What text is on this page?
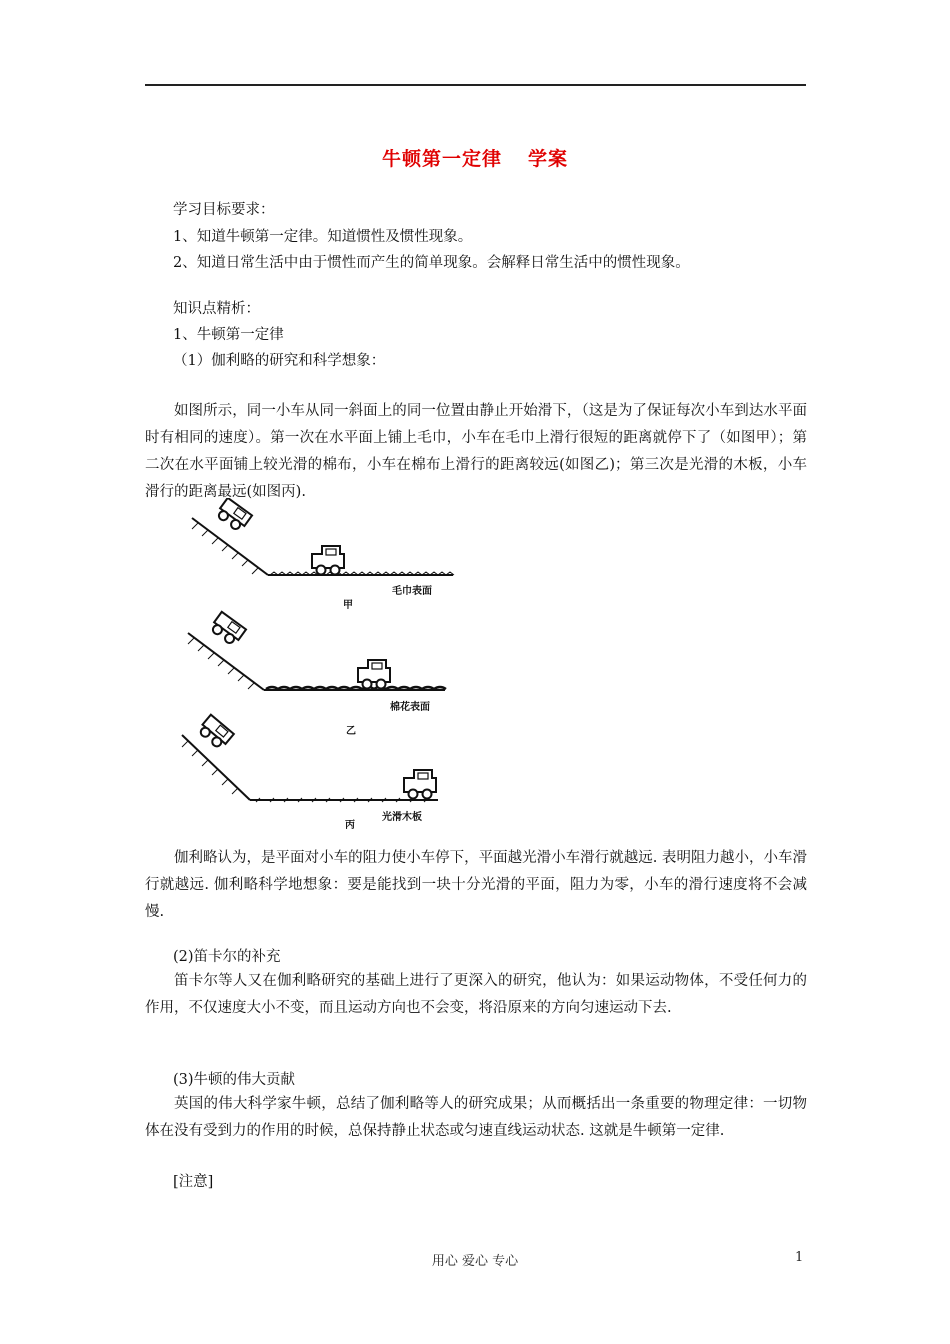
牛顿第一定律 学案
学习目标要求：
1、知道牛顿第一定律。知道惯性及惯性现象。
2、知道日常生活中由于惯性而产生的简单现象。会解释日常生活中的惯性现象。
知识点精析：
1、牛顿第一定律
（1）伽利略的研究和科学想象：
如图所示，同一小车从同一斜面上的同一位置由静止开始滑下，（这是为了保证每次小车到达水平面时有相同的速度）。第一次在水平面上铺上毛巾，小车在毛巾上滑行很短的距离就停下了（如图甲）；第二次在水平面铺上较光滑的棉布，小车在棉布上滑行的距离较远(如图乙)；第三次是光滑的木板，小车滑行的距离最远(如图丙).
甲
毛巾表面
棉花表面
乙
丙
光滑木板
伽利略认为，是平面对小车的阻力使小车停下，平面越光滑小车滑行就越远. 表明阻力越小，小车滑行就越远. 伽利略科学地想象：要是能找到一块十分光滑的平面，阻力为零，小车的滑行速度将不会减慢.
(2)笛卡尔的补充
笛卡尔等人又在伽利略研究的基础上进行了更深入的研究，他认为：如果运动物体，不受任何力的作用，不仅速度大小不变，而且运动方向也不会变，将沿原来的方向匀速运动下去.
(3)牛顿的伟大贡献
英国的伟大科学家牛顿，总结了伽利略等人的研究成果；从而概括出一条重要的物理定律：一切物体在没有受到力的作用的时候，总保持静止状态或匀速直线运动状态. 这就是牛顿第一定律.
[注意]
用心 爱心 专心	1
